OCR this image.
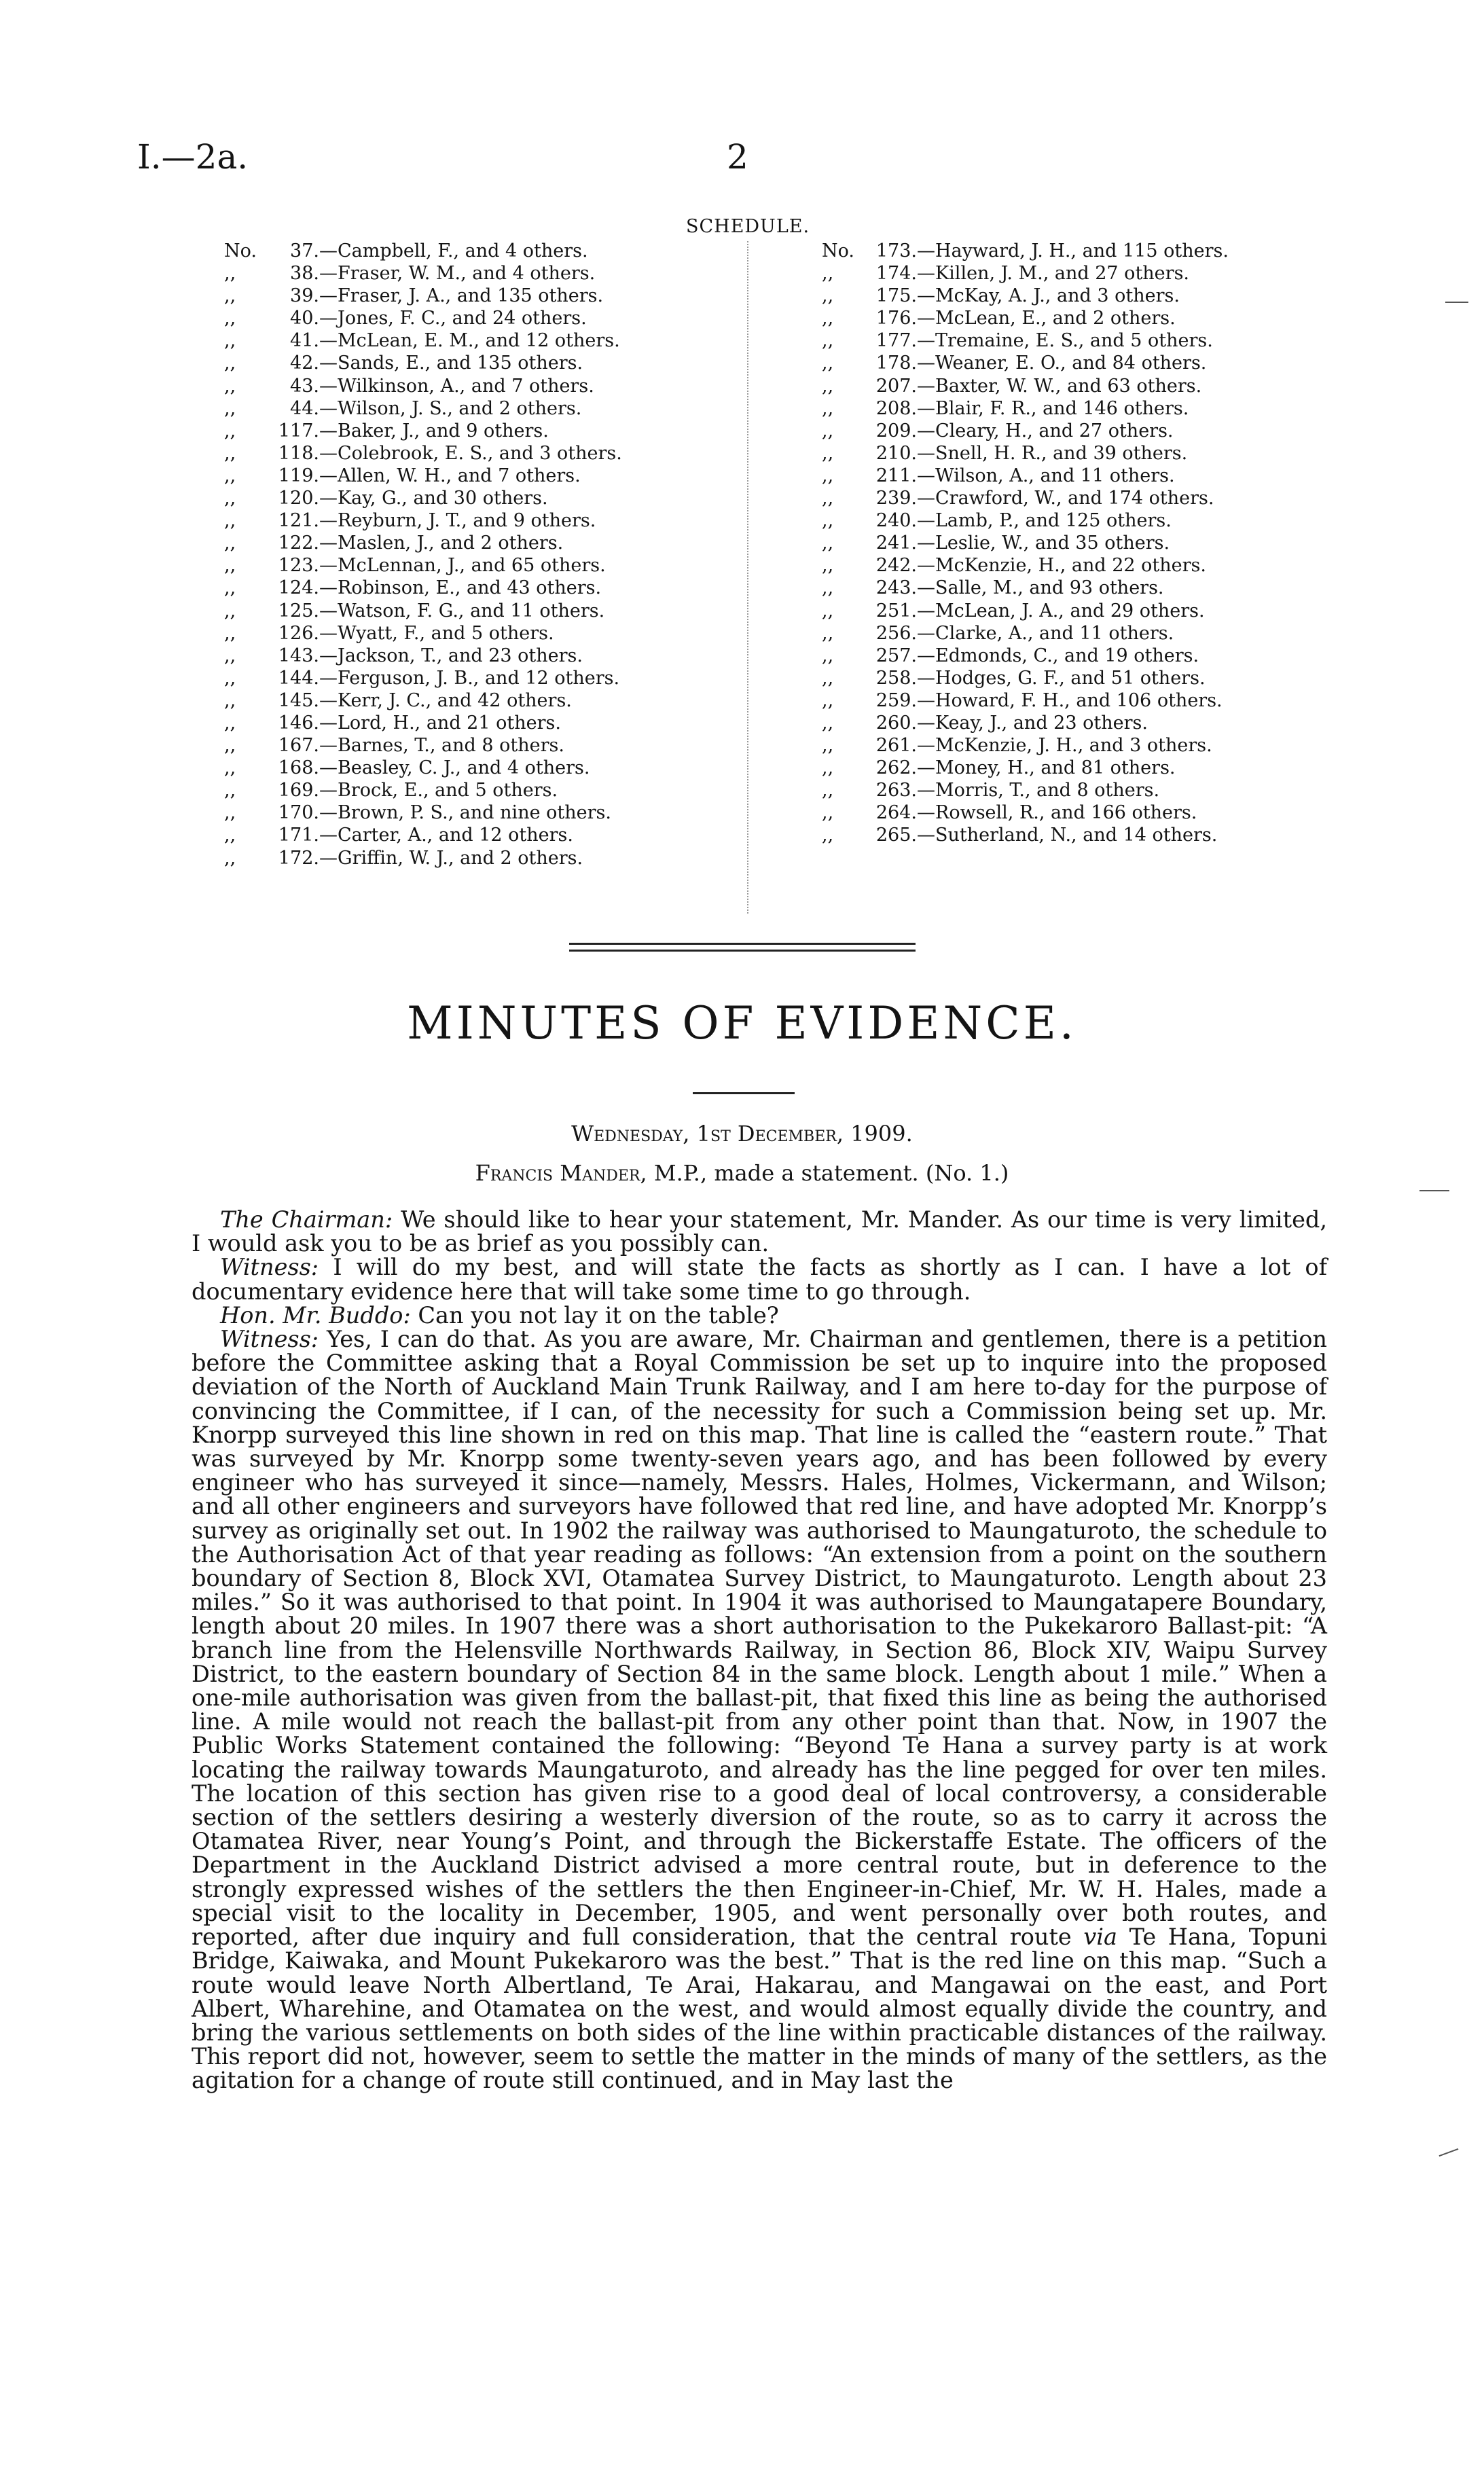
I.—2a.	2
SCHEDULE.
No.	37. —Campbell, F., and 4 others.
,,	38. —Fraser, W. M., and 4 others.
,,	39. —Fraser, J. A., and 135 others.
,,	40. —Jones, F. C., and 24 others.
,,	41. —McLean, E. M., and 12 others.
,,	42. —Sands, E., and 135 others.
,,	43. —Wilkinson, A., and 7 others.
,,	44. —Wilson, J. S., and 2 others.
,,	117. —Baker, J., and 9 others.
,,	118. —Colebrook, E. S., and 3 others.
,,	119. —Allen, W. H., and 7 others.
,,	120. —Kay, G., and 30 others.
,,	121. —Reyburn, J. T., and 9 others.
,,	122. —Maslen, J., and 2 others.
,,	123. —McLennan, J., and 65 others.
,,	124. —Robinson, E., and 43 others.
,,	125. —Watson, F. G., and 11 others.
,,	126. —Wyatt, F., and 5 others.
,,	143. —Jackson, T., and 23 others.
,,	144. —Ferguson, J. B., and 12 others.
,,	145. —Kerr, J. C., and 42 others.
,,	146. —Lord, H., and 21 others.
,,	167. —Barnes, T., and 8 others.
,,	168. —Beasley, C. J., and 4 others.
,,	169. —Brock, E., and 5 others.
,,	170. —Brown, P. S., and nine others.
,,	171. —Carter, A., and 12 others.
,,	172. —Griffin, W. J., and 2 others.
No.	173. —Hayward, J. H., and 115 others.
,,	174. —Killen, J. M., and 27 others.
,,	175. —McKay, A. J., and 3 others.
,,	176. —McLean, E., and 2 others.
,,	177. —Tremaine, E. S., and 5 others.
,,	178. —Weaner, E. O., and 84 others.
,,	207. —Baxter, W. W., and 63 others.
,,	208. —Blair, F. R., and 146 others.
,,	209. —Cleary, H., and 27 others.
,,	210. —Snell, H. R., and 39 others.
,,	211. —Wilson, A., and 11 others.
,,	239. —Crawford, W., and 174 others.
,,	240. —Lamb, P., and 125 others.
,,	241. —Leslie, W., and 35 others.
,,	242. —McKenzie, H., and 22 others.
,,	243. —Salle, M., and 93 others.
,,	251. —McLean, J. A., and 29 others.
,,	256. —Clarke, A., and 11 others.
,,	257. —Edmonds, C., and 19 others.
,,	258. —Hodges, G. F., and 51 others.
,,	259. —Howard, F. H., and 106 others.
,,	260. —Keay, J., and 23 others.
,,	261. —McKenzie, J. H., and 3 others.
,,	262. —Money, H., and 81 others.
,,	263. —Morris, T., and 8 others.
,,	264. —Rowsell, R., and 166 others.
,,	265. —Sutherland, N., and 14 others.
MINUTES OF EVIDENCE.
Wednesday, 1st December, 1909.
Francis Mander, M.P., made a statement. (No. 1.)

The Chairman: We should like to hear your statement, Mr. Mander. As our time is very limited, I would ask you to be as brief as you possibly can.

Witness: I will do my best, and will state the facts as shortly as I can. I have a lot of documentary evidence here that will take some time to go through.

Hon. Mr. Buddo: Can you not lay it on the table?

Witness: Yes, I can do that. As you are aware, Mr. Chairman and gentlemen, there is a petition before the Committee asking that a Royal Commission be set up to inquire into the proposed deviation of the North of Auckland Main Trunk Railway, and I am here to-day for the purpose of convincing the Committee, if I can, of the necessity for such a Commission being set up. Mr. Knorpp surveyed this line shown in red on this map. That line is called the “eastern route.” That was surveyed by Mr. Knorpp some twenty-seven years ago, and has been followed by every engineer who has surveyed it since—namely, Messrs. Hales, Holmes, Vickermann, and Wilson; and all other engineers and surveyors have followed that red line, and have adopted Mr. Knorpp’s survey as originally set out. In 1902 the railway was authorised to Maungaturoto, the schedule to the Authorisation Act of that year reading as follows: “An extension from a point on the southern boundary of Section 8, Block XVI, Otamatea Survey District, to Maungaturoto. Length about 23 miles.” So it was authorised to that point. In 1904 it was authorised to Maungatapere Boundary, length about 20 miles. In 1907 there was a short authorisation to the Pukekaroro Ballast-pit: “A branch line from the Helensville Northwards Railway, in Section 86, Block XIV, Waipu Survey District, to the eastern boundary of Section 84 in the same block. Length about 1 mile.” When a one-mile authorisation was given from the ballast-pit, that fixed this line as being the authorised line. A mile would not reach the ballast-pit from any other point than that. Now, in 1907 the Public Works Statement contained the following: “Beyond Te Hana a survey party is at work locating the railway towards Maungaturoto, and already has the line pegged for over ten miles. The location of this section has given rise to a good deal of local controversy, a considerable section of the settlers desiring a westerly diversion of the route, so as to carry it across the Otamatea River, near Young’s Point, and through the Bickerstaffe Estate. The officers of the Department in the Auckland District advised a more central route, but in deference to the strongly expressed wishes of the settlers the then Engineer-in-Chief, Mr. W. H. Hales, made a special visit to the locality in December, 1905, and went personally over both routes, and reported, after due inquiry and full consideration, that the central route via Te Hana, Topuni Bridge, Kaiwaka, and Mount Pukekaroro was the best.” That is the red line on this map. “Such a route would leave North Albertland, Te Arai, Hakarau, and Mangawai on the east, and Port Albert, Wharehine, and Otamatea on the west, and would almost equally divide the country, and bring the various settlements on both sides of the line within practicable distances of the railway. This report did not, however, seem to settle the matter in the minds of many of the settlers, as the agitation for a change of route still continued, and in May last the
